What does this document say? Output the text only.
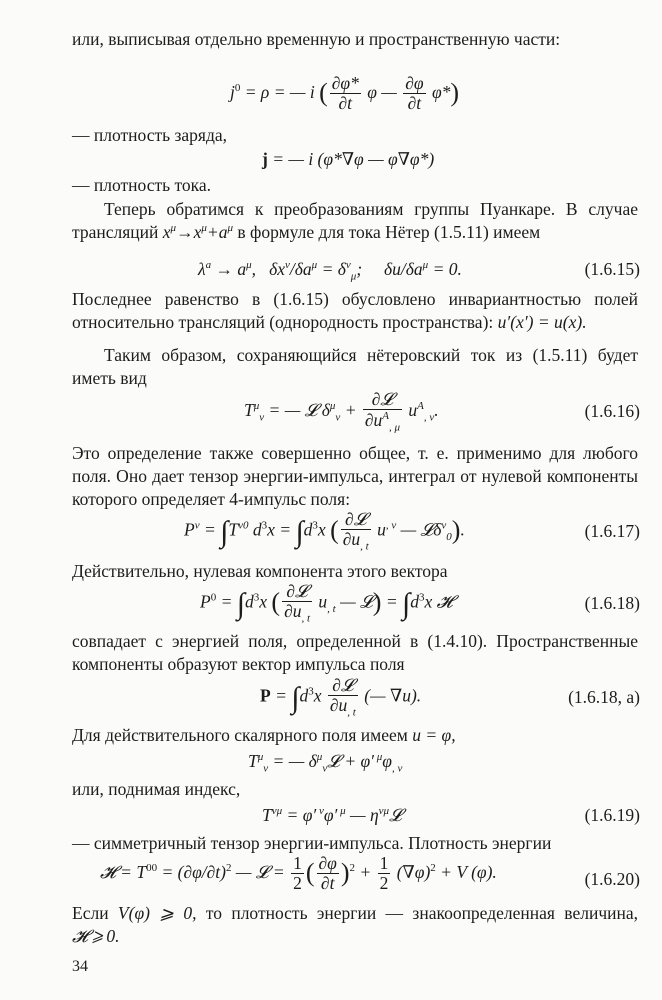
или, выписывая отдельно временную и пространственную части:

$j^0 = \rho$ = — i ( $\frac{\partial\varphi*}{\partial t}$ φ — $\frac{\partial\varphi}{\partial t} \varphi*$)

— плотность заряда,

j = — i (φ*∇φ — φ∇φ*)

— плотность тока.

Теперь обратимся к преобразованиям группы Пуанкаре. В случае трансляций $x^\mu\to x^\mu+a^\mu$ в формуле для тока Нётер (1.5.11) имеем

$\lambda^a \to a^\mu$,   $\delta x^\nu/\delta a^\mu = \delta^\nu_\mu$;     $\delta u/\delta a^\mu = 0$.	(1.6.15)

Последнее равенство в (1.6.15) обусловлено инвариантностью полей относительно трансляций (однородность пространства): u′(x′) = u(x).

Таким образом, сохраняющийся нётеровский ток из (1.5.11) будет иметь вид

$T^\mu_\nu$ = — 𝓛 $\delta^\mu_\nu + \frac{\text{∂𝓛}}{\partial u^A_{, \mu}} u^A_{, \nu}$.	(1.6.16)

Это определение также совершенно общее, т. е. применимо для любого поля. Оно дает тензор энергии-импульса, интеграл от нулевой компоненты которого определяет 4-импульс поля:

$P^\nu = \int T^{\nu 0}$ $d^3x = \int d^3x$ ( $\frac{\text{∂𝓛}}{\partial u_{, t}} u^{, \nu}$ — 𝓛δ$^\nu_0$).	(1.6.17)

Действительно, нулевая компонента этого вектора

$P^0 = \int d^3x$ ( $\frac{\text{∂𝓛}}{\partial u_{, t}} u_{, t}$ — 𝓛) = $\int d^3x$ 𝓗	(1.6.18)

совпадает с энергией поля, определенной в (1.4.10). Пространственные компоненты образуют вектор импульса поля

$P = \int d^3x \frac{\text{∂𝓛}}{\partial u_{, t}}$ (— ∇u).	(1.6.18, a)

Для действительного скалярного поля имеем u = φ,

$T^\mu_\nu$ = — $\delta^\mu_\nu 𝓛 + \varphi'$ $^\mu\varphi_{, \nu}$

или, поднимая индекс,

$T^{\nu\mu} = \varphi'$ $^\nu$φ′ $^\mu$ — $\eta^{\nu\mu}𝓛$	(1.6.19)

— симметричный тензор энергии-импульса. Плотность энергии

𝓗 = $T^{00} = (\partial\varphi/\partial t)^2$ — 𝓛 = $\frac{1}{2}$ ( $\frac{\partial\varphi}{\partial t} )^2 + \frac{1}{2} (\nabla\varphi)^2 + V$ (φ).	(1.6.20)

Если V(φ) ⩾ 0, то плотность энергии — знакоопределенная величина, 𝓗 ⩾ 0.

34
